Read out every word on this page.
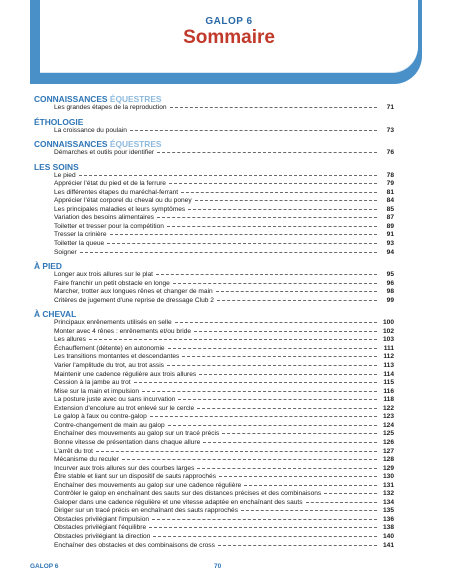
GALOP 6
Sommaire
CONNAISSANCES ÉQUESTRES
Les grandes étapes de la reproduction	71
ÉTHOLOGIE
La croissance du poulain	73
CONNAISSANCES ÉQUESTRES
Démarches et outils pour identifier	76
LES SOINS
Le pied	78
Apprécier l'état du pied et de la ferrure	79
Les différentes étapes du maréchal-ferrant	81
Apprécier l'état corporel du cheval ou du poney	84
Les principales maladies et leurs symptômes	85
Variation des besoins alimentaires	87
Toiletter et tresser pour la compétition	89
Tresser la crinière	91
Toiletter la queue	93
Soigner	94
À PIED
Longer aux trois allures sur le plat	95
Faire franchir un petit obstacle en longe	96
Marcher, trotter aux longues rênes et changer de main	98
Critères de jugement d'une reprise de dressage Club 2	99
À CHEVAL
Principaux enrênements utilisés en selle	100
Monter avec 4 rênes : enrênements et/ou bride	102
Les allures	103
Échauffement (détente) en autonomie	111
Les transitions montantes et descendantes	112
Varier l'amplitude du trot, au trot assis	113
Maintenir une cadence régulière aux trois allures	114
Cession à la jambe au trot	115
Mise sur la main et impulsion	116
La posture juste avec ou sans incurvation	118
Extension d'encolure au trot enlevé sur le cercle	122
Le galop à faux ou contre-galop	123
Contre-changement de main au galop	124
Enchaîner des mouvements au galop sur un tracé précis	125
Bonne vitesse de présentation dans chaque allure	126
L'arrêt du trot	127
Mécanisme du reculer	128
Incurver aux trois allures sur des courbes larges	129
Être stable et liant sur un dispositif de sauts rapprochés	130
Enchaîner des mouvements au galop sur une cadence régulière	131
Contrôler le galop en enchaînant des sauts sur des distances précises et des combinaisons	132
Galoper dans une cadence régulière et une vitesse adaptée en enchaînant des sauts	134
Diriger sur un tracé précis en enchaînant des sauts rapprochés	135
Obstacles privilégiant l'impulsion	136
Obstacles privilégiant l'équilibre	138
Obstacles privilégiant la direction	140
Enchaîner des obstacles et des combinaisons de cross	141
GALOP 6	70
